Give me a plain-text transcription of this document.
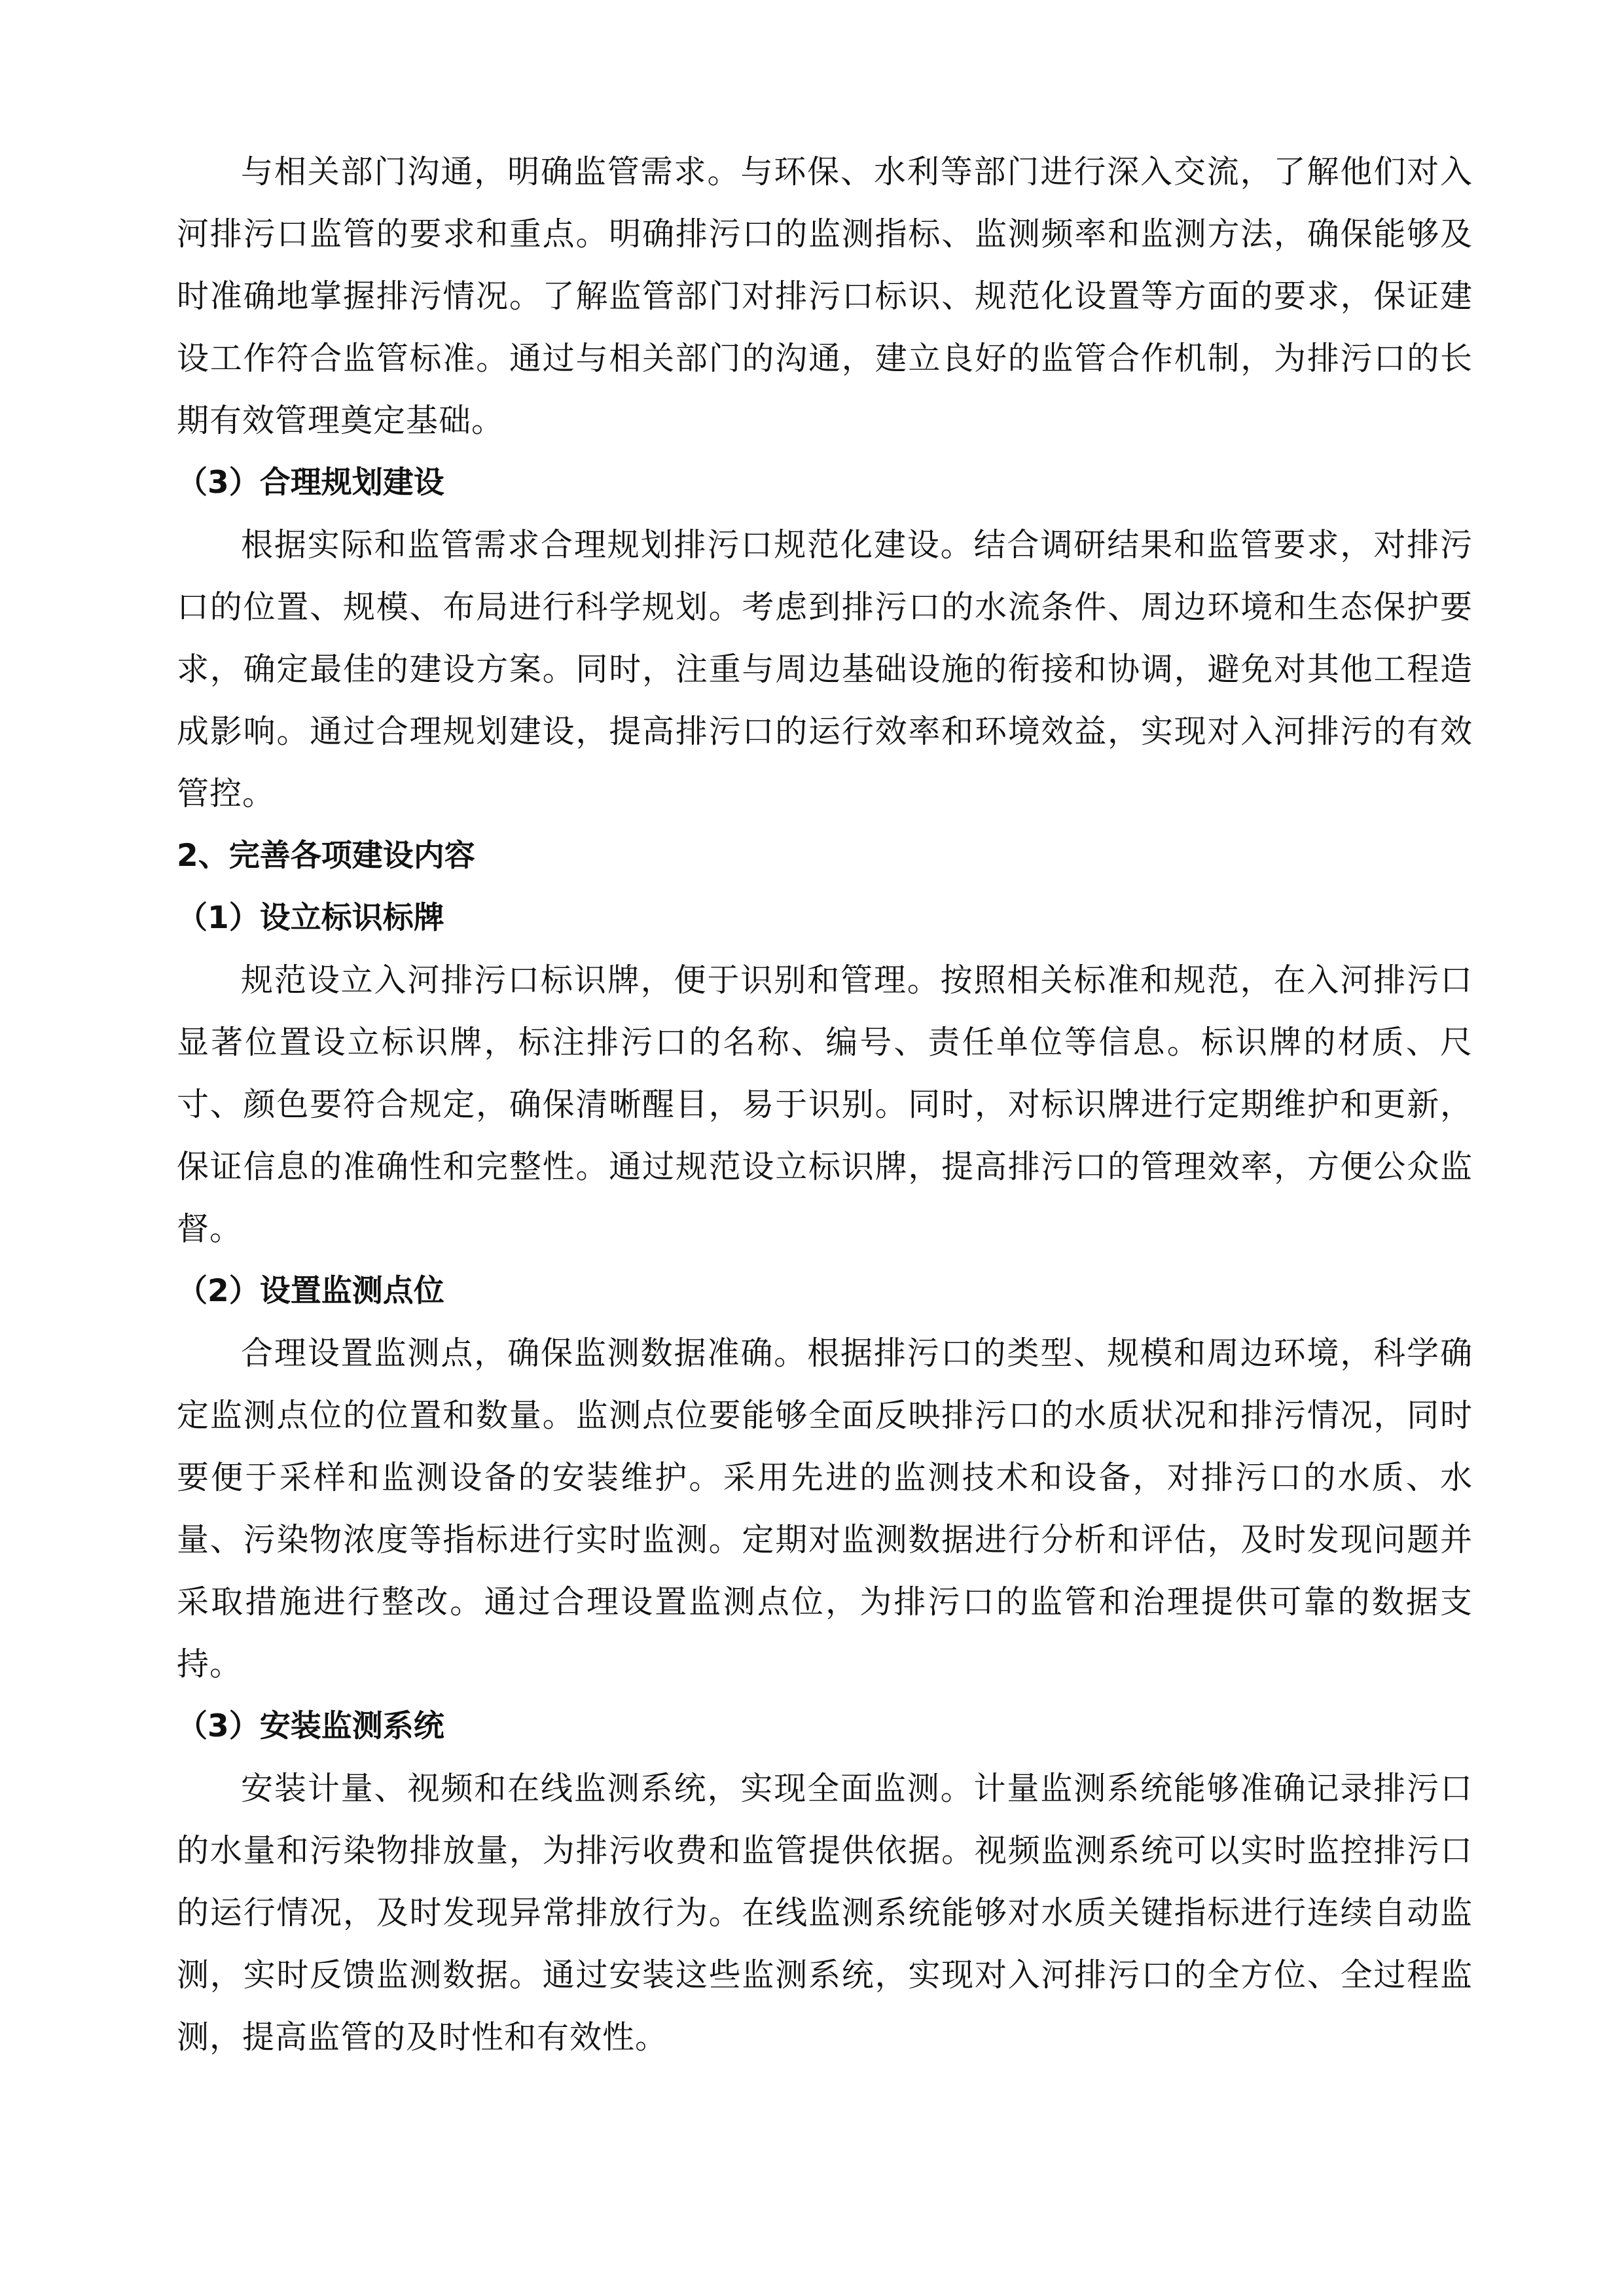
与相关部门沟通，明确监管需求。与环保、水利等部门进行深入交流，了解他们对入河排污口监管的要求和重点。明确排污口的监测指标、监测频率和监测方法，确保能够及时准确地掌握排污情况。了解监管部门对排污口标识、规范化设置等方面的要求，保证建设工作符合监管标准。通过与相关部门的沟通，建立良好的监管合作机制，为排污口的长期有效管理奠定基础。

（3）合理规划建设

根据实际和监管需求合理规划排污口规范化建设。结合调研结果和监管要求，对排污口的位置、规模、布局进行科学规划。考虑到排污口的水流条件、周边环境和生态保护要求，确定最佳的建设方案。同时，注重与周边基础设施的衔接和协调，避免对其他工程造成影响。通过合理规划建设，提高排污口的运行效率和环境效益，实现对入河排污的有效管控。

2、完善各项建设内容

（1）设立标识标牌

规范设立入河排污口标识牌，便于识别和管理。按照相关标准和规范，在入河排污口显著位置设立标识牌，标注排污口的名称、编号、责任单位等信息。标识牌的材质、尺寸、颜色要符合规定，确保清晰醒目，易于识别。同时，对标识牌进行定期维护和更新，保证信息的准确性和完整性。通过规范设立标识牌，提高排污口的管理效率，方便公众监督。

（2）设置监测点位

合理设置监测点，确保监测数据准确。根据排污口的类型、规模和周边环境，科学确定监测点位的位置和数量。监测点位要能够全面反映排污口的水质状况和排污情况，同时要便于采样和监测设备的安装维护。采用先进的监测技术和设备，对排污口的水质、水量、污染物浓度等指标进行实时监测。定期对监测数据进行分析和评估，及时发现问题并采取措施进行整改。通过合理设置监测点位，为排污口的监管和治理提供可靠的数据支持。

（3）安装监测系统

安装计量、视频和在线监测系统，实现全面监测。计量监测系统能够准确记录排污口的水量和污染物排放量，为排污收费和监管提供依据。视频监测系统可以实时监控排污口的运行情况，及时发现异常排放行为。在线监测系统能够对水质关键指标进行连续自动监测，实时反馈监测数据。通过安装这些监测系统，实现对入河排污口的全方位、全过程监测，提高监管的及时性和有效性。
